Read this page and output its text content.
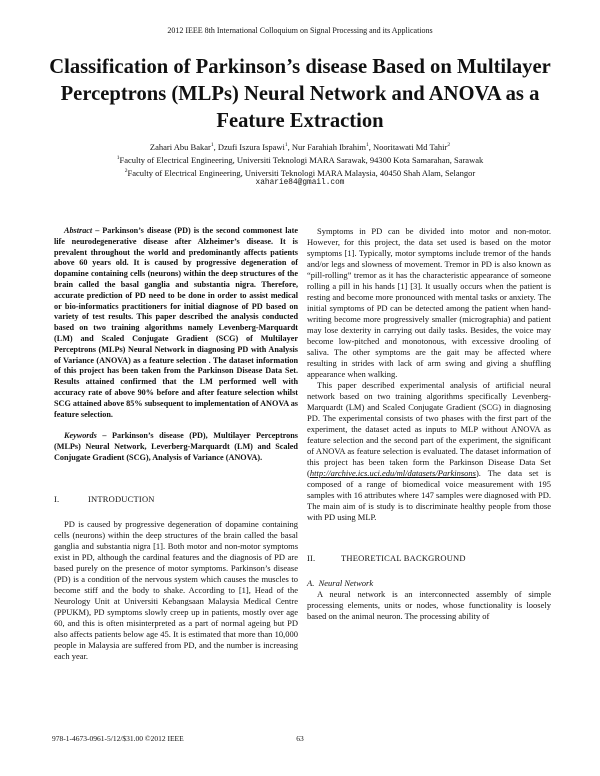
2012 IEEE 8th International Colloquium on Signal Processing and its Applications
Classification of Parkinson’s disease Based on Multilayer Perceptrons (MLPs) Neural Network and ANOVA as a Feature Extraction
Zahari Abu Bakar$^1$, Dzufi Iszura Ispawi$^1$, Nur Farahiah Ibrahim$^1$, Nooritawati Md Tahir$^2$
$^1$Faculty of Electrical Engineering, Universiti Teknologi MARA Sarawak, 94300 Kota Samarahan, Sarawak
$^2$Faculty of Electrical Engineering, Universiti Teknologi MARA Malaysia, 40450 Shah Alam, Selangor
xaharie84@gmail.com

Abstract – Parkinson’s disease (PD) is the second commonest late life neurodegenerative disease after Alzheimer’s disease. It is prevalent throughout the world and predominantly affects patients above 60 years old. It is caused by progressive degeneration of dopamine containing cells (neurons) within the deep structures of the brain called the basal ganglia and substantia nigra. Therefore, accurate prediction of PD need to be done in order to assist medical or bio-informatics practitioners for initial diagnose of PD based on variety of test results. This paper described the analysis conducted based on two training algorithms namely Levenberg-Marquardt (LM) and Scaled Conjugate Gradient (SCG) of Multilayer Perceptrons (MLPs) Neural Network in diagnosing PD with Analysis of Variance (ANOVA) as a feature selection . The dataset information of this project has been taken from the Parkinson Disease Data Set. Results attained confirmed that the LM performed well with accuracy rate of above 90% before and after feature selection whilst SCG attained above 85% subsequent to implementation of ANOVA as feature selection.

Keywords – Parkinson’s disease (PD), Multilayer Perceptrons (MLPs) Neural Network, Leverberg-Marquardt (LM) and Scaled Conjugate Gradient (SCG), Analysis of Variance (ANOVA).

I.	INTRODUCTION

PD is caused by progressive degeneration of dopamine containing cells (neurons) within the deep structures of the brain called the basal ganglia and substantia nigra [1]. Both motor and non-motor symptoms exist in PD, although the cardinal features and the diagnosis of PD are based purely on the presence of motor symptoms. Parkinson’s disease (PD) is a condition of the nervous system which causes the muscles to become stiff and the body to shake. According to [1], Head of the Neurology Unit at Universiti Kebangsaan Malaysia Medical Centre (PPUKM), PD symptoms slowly creep up in patients, mostly over age 60, and this is often misinterpreted as a part of normal ageing but PD also affects patients below age 45. It is estimated that more than 10,000 people in Malaysia are suffered from PD, and the number is increasing each year.

Symptoms in PD can be divided into motor and non-motor. However, for this project, the data set used is based on the motor symptoms [1]. Typically, motor symptoms include tremor of the hands and/or legs and slowness of movement. Tremor in PD is also known as “pill-rolling” tremor as it has the characteristic appearance of someone rolling a pill in his hands [1] [3]. It usually occurs when the patient is resting and become more pronounced with mental tasks or anxiety. The initial symptoms of PD can be detected among the patient when hand-writing become more progressively smaller (micrographia) and patient may lose dexterity in carrying out daily tasks. Besides, the voice may become low-pitched and monotonous, with excessive drooling of saliva. The other symptoms are the gait may be affected where resulting in strides with lack of arm swing and giving a shuffling appearance when walking.

This paper described experimental analysis of artificial neural network based on two training algorithms specifically Levenberg-Marquardt (LM) and Scaled Conjugate Gradient (SCG) in diagnosing PD. The experimental consists of two phases with the first part of the experiment, the dataset acted as inputs to MLP without ANOVA as feature selection and the second part of the experiment, the significant of ANOVA as feature selection is evaluated. The dataset information of this project has been taken form the Parkinson Disease Data Set (http://archive.ics.uci.edu/ml/datasets/Parkinsons). The data set is composed of a range of biomedical voice measurement with 195 samples with 16 attributes where 147 samples were diagnosed with PD. The main aim of is study is to discriminate healthy people from those with PD using MLP.

II.	THEORETICAL BACKGROUND

A. Neural Network

A neural network is an interconnected assembly of simple processing elements, units or nodes, whose functionality is loosely based on the animal neuron. The processing ability of

978-1-4673-0961-5/12/$31.00 ©2012 IEEE	63
